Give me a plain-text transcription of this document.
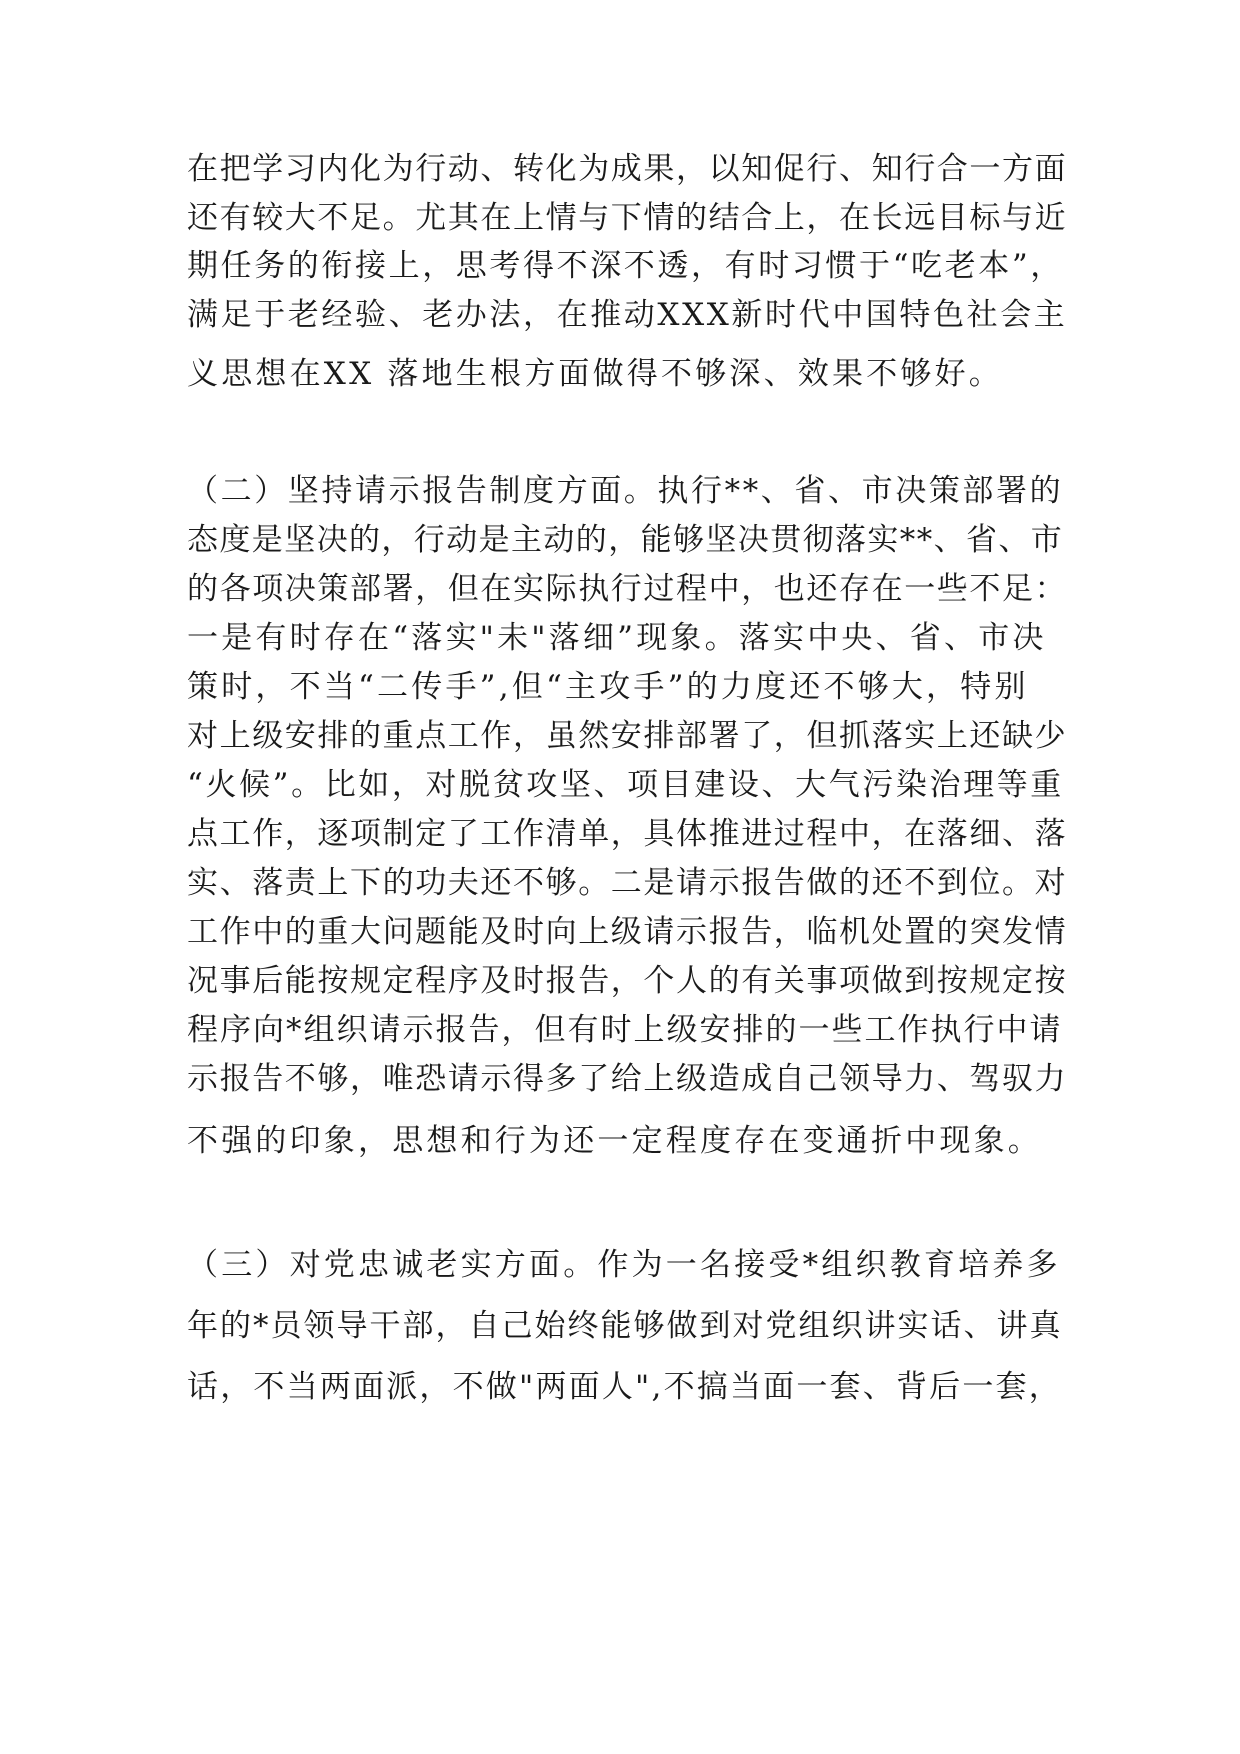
在把学习内化为行动、转化为成果，以知促行、知行合一方面
还有较大不足。尤其在上情与下情的结合上，在长远目标与近
期任务的衔接上，思考得不深不透，有时习惯于“吃老本”，
满足于老经验、老办法，在推动XXX新时代中国特色社会主
义思想在XX 落地生根方面做得不够深、效果不够好。
（二）坚持请示报告制度方面。执行**、省、市决策部署的
态度是坚决的，行动是主动的，能够坚决贯彻落实**、省、市
的各项决策部署，但在实际执行过程中，也还存在一些不足：
一是有时存在“落实"未"落细”现象。落实中央、省、市决
策时，不当“二传手”,但“主攻手”的力度还不够大，特别
对上级安排的重点工作，虽然安排部署了，但抓落实上还缺少
“火候”。比如，对脱贫攻坚、项目建设、大气污染治理等重
点工作，逐项制定了工作清单，具体推进过程中，在落细、落
实、落责上下的功夫还不够。二是请示报告做的还不到位。对
工作中的重大问题能及时向上级请示报告，临机处置的突发情
况事后能按规定程序及时报告，个人的有关事项做到按规定按
程序向*组织请示报告，但有时上级安排的一些工作执行中请
示报告不够，唯恐请示得多了给上级造成自己领导力、驾驭力
不强的印象，思想和行为还一定程度存在变通折中现象。
（三）对党忠诚老实方面。作为一名接受*组织教育培养多
年的*员领导干部，自己始终能够做到对党组织讲实话、讲真
话，不当两面派，不做"两面人",不搞当面一套、背后一套，
